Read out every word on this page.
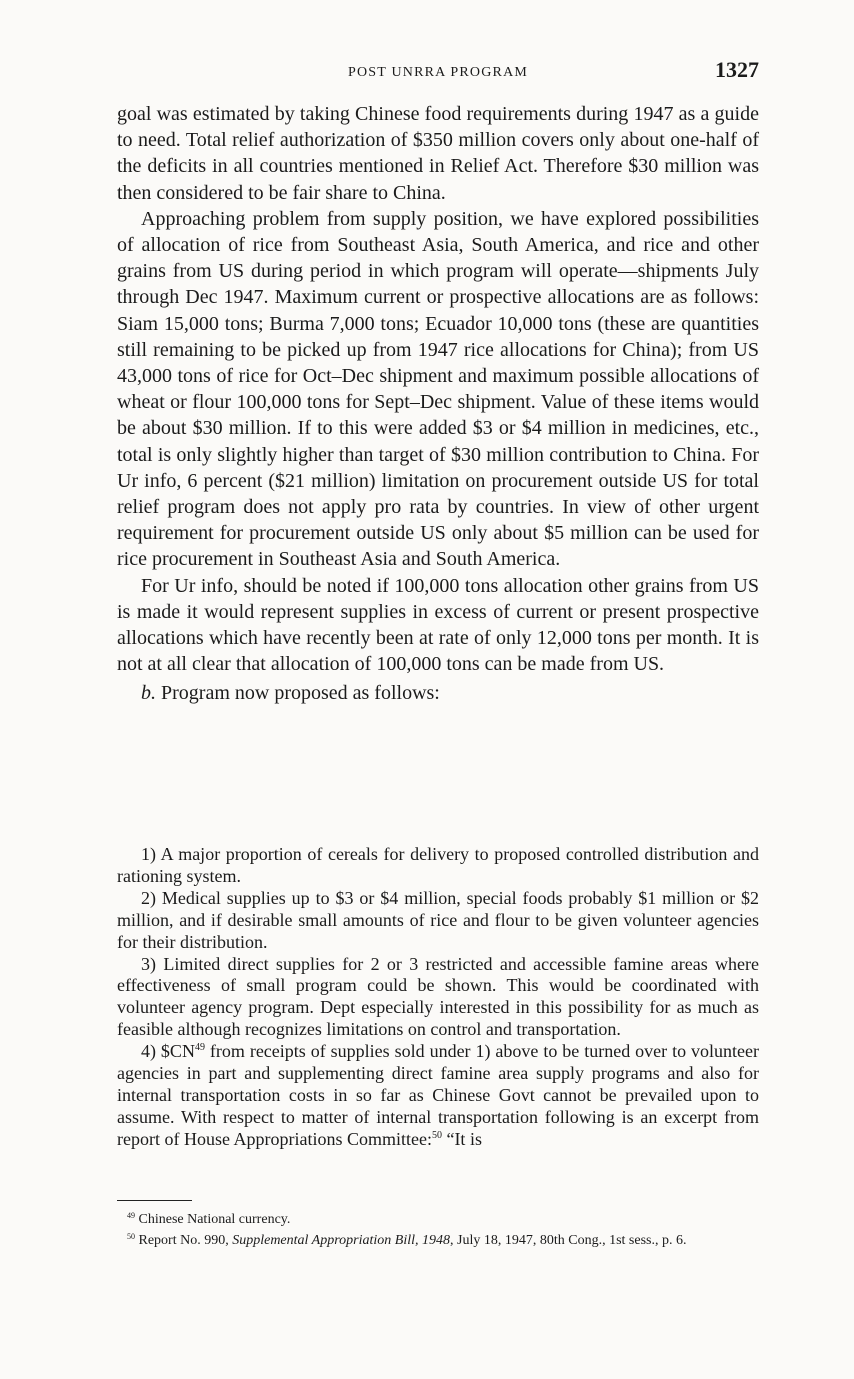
POST UNRRA PROGRAM	1327

goal was estimated by taking Chinese food requirements during 1947 as a guide to need. Total relief authorization of $350 million covers only about one-half of the deficits in all countries mentioned in Relief Act. Therefore $30 million was then considered to be fair share to China.

Approaching problem from supply position, we have explored possibilities of allocation of rice from Southeast Asia, South America, and rice and other grains from US during period in which program will operate—shipments July through Dec 1947. Maximum current or prospective allocations are as follows: Siam 15,000 tons; Burma 7,000 tons; Ecuador 10,000 tons (these are quantities still remaining to be picked up from 1947 rice allocations for China); from US 43,000 tons of rice for Oct–Dec shipment and maximum possible allocations of wheat or flour 100,000 tons for Sept–Dec shipment. Value of these items would be about $30 million. If to this were added $3 or $4 million in medicines, etc., total is only slightly higher than target of $30 million contribution to China. For Ur info, 6 percent ($21 million) limitation on procurement outside US for total relief program does not apply pro rata by countries. In view of other urgent requirement for procurement outside US only about $5 million can be used for rice procurement in Southeast Asia and South America.

For Ur info, should be noted if 100,000 tons allocation other grains from US is made it would represent supplies in excess of current or present prospective allocations which have recently been at rate of only 12,000 tons per month. It is not at all clear that allocation of 100,000 tons can be made from US.

b. Program now proposed as follows:

1) A major proportion of cereals for delivery to proposed controlled distribution and rationing system.

2) Medical supplies up to $3 or $4 million, special foods probably $1 million or $2 million, and if desirable small amounts of rice and flour to be given volunteer agencies for their distribution.

3) Limited direct supplies for 2 or 3 restricted and accessible famine areas where effectiveness of small program could be shown. This would be coordinated with volunteer agency program. Dept especially interested in this possibility for as much as feasible although recognizes limitations on control and transportation.

4) $CN$^{49}$ from receipts of supplies sold under 1) above to be turned over to volunteer agencies in part and supplementing direct famine area supply programs and also for internal transportation costs in so far as Chinese Govt cannot be prevailed upon to assume. With respect to matter of internal transportation following is an excerpt from report of House Appropriations Committee:$^{50}$ “It is

$^{49}$ Chinese National currency.

$^{50}$ Report No. 990, Supplemental Appropriation Bill, 1948, July 18, 1947, 80th Cong., 1st sess., p. 6.
